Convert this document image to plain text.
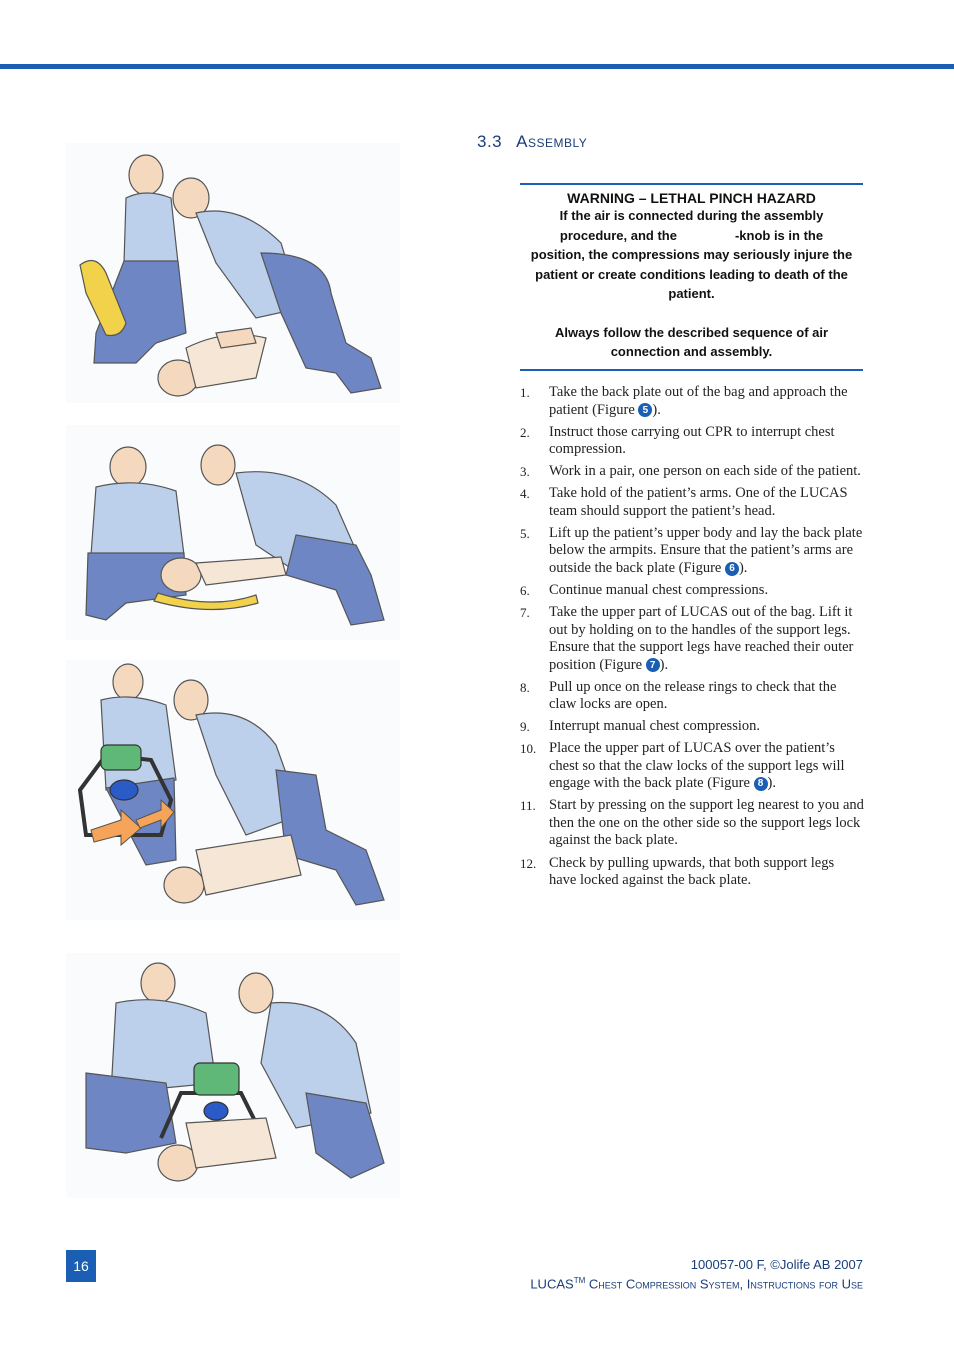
3.3 Assembly
WARNING – LETHAL PINCH HAZARD
If the air is connected during the assembly
procedure, and the	-knob is in the
position, the compressions may seriously injure the patient or create conditions leading to death of the patient.
Always follow the described sequence of air connection and assembly.
1. Take the back plate out of the bag and approach the patient (Figure 5 ).
2. Instruct those carrying out CPR to interrupt chest compression.
3. Work in a pair, one person on each side of the patient.
4. Take hold of the patient’s arms. One of the LUCAS team should support the patient’s head.
5. Lift up the patient’s upper body and lay the back plate below the armpits. Ensure that the patient’s arms are outside the back plate (Figure 6 ).
6. Continue manual chest compressions.
7. Take the upper part of LUCAS out of the bag. Lift it out by holding on to the handles of the support legs. Ensure that the support legs have reached their outer position (Figure 7 ).
8. Pull up once on the release rings to check that the claw locks are open.
9. Interrupt manual chest compression.
10. Place the upper part of LUCAS over the patient’s chest so that the claw locks of the support legs will engage with the back plate (Figure 8 ).
11. Start by pressing on the support leg nearest to you and then the one on the other side so the support legs lock against the back plate.
12. Check by pulling upwards, that both support legs have locked against the back plate.
16	100057-00 F, ©Jolife AB 2007
LUCAS™ Chest Compression System, Instructions for Use
